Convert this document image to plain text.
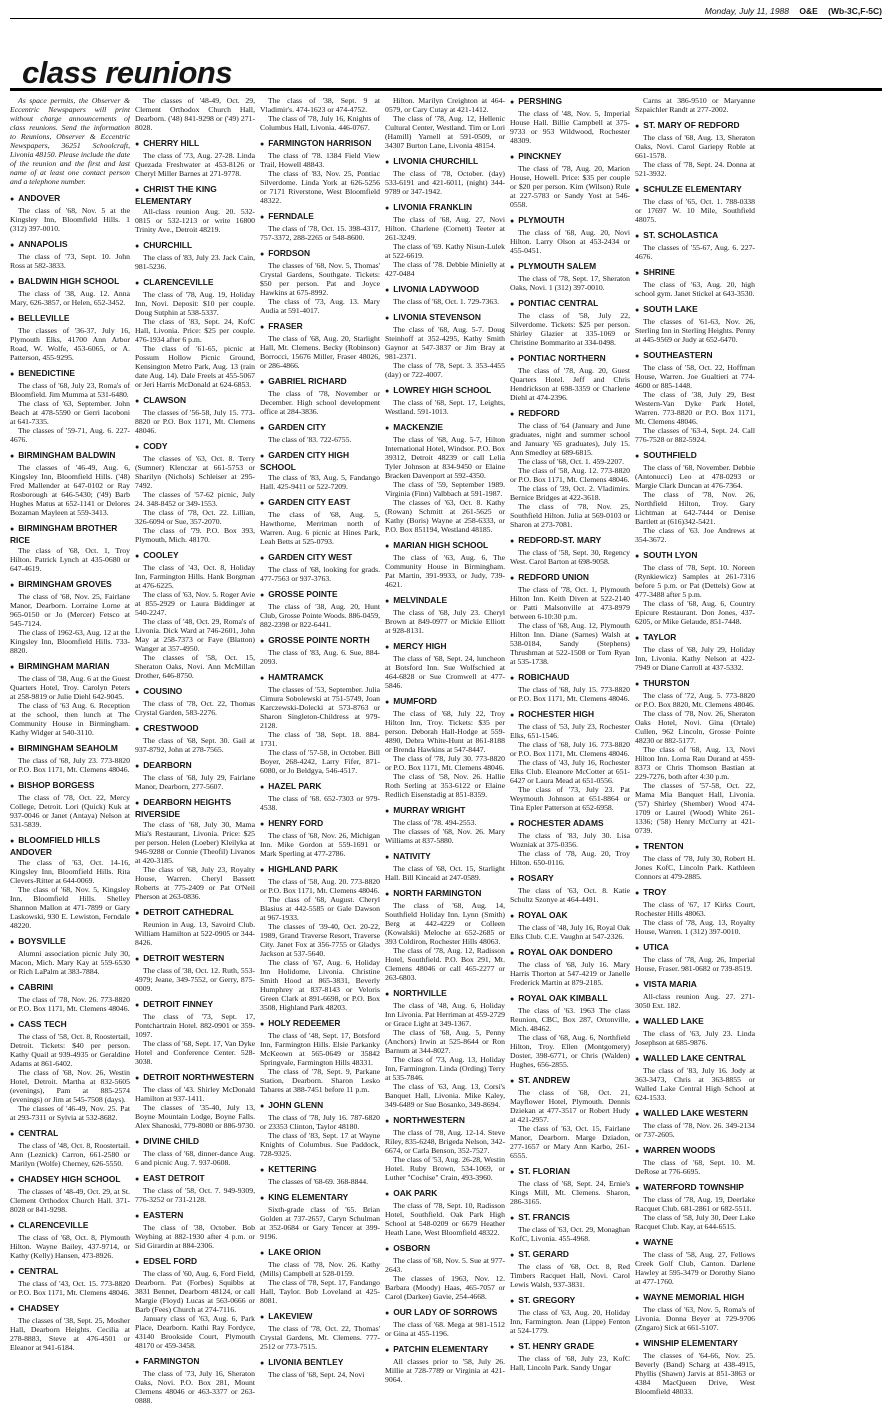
Monday, July 11, 1988 O&E (Wb-3C,F-5C)
class reunions

As space permits, the Observer & Eccentric Newspapers will print without charge announcements of class reunions. Send the information to Reunions, Observer & Eccentric Newspapers, 36251 Schoolcraft, Livonia 48150. Please include the date of the reunion and the first and last name of at least one contact person and a telephone number.

● ANDOVER

The class of '68, Nov. 5 at the Kingsley Inn, Bloomfield Hills. 1 (312) 397-0010.

● ANNAPOLIS

The class of '73, Sept. 10. John Ross at 582-3833.

● BALDWIN HIGH SCHOOL

The class of '38, Aug. 12. Anna Mary, 626-3857, or Helen, 652-3452.

● BELLEVILLE

The classes of '36-37, July 16, Plymouth Elks, 41700 Ann Arbor Road, W. Wolfe, 453-6065, or A. Patterson, 455-9295.

● BENEDICTINE

The class of '68, July 23, Roma's of Bloomfield. Jim Mumma at 531-6480.

The class of '63, September. John Beach at 478-5590 or Gerri Iacoboni at 641-7335.

The classes of '59-71, Aug. 6. 227-4676.

● BIRMINGHAM BALDWIN

The classes of '46-49, Aug. 6, Kingsley Inn, Bloomfield Hills. ('48) Fred Mallender at 647-0102 or Ray Rosborough at 646-5430; ('49) Barb Hughes Matus at 652-1141 or Delores Bozaman Mayleen at 559-3413.

● BIRMINGHAM BROTHER RICE

The class of '68, Oct. 1, Troy Hilton. Patrick Lynch at 435-0680 or 647-4619.

● BIRMINGHAM GROVES

The class of '68, Nov. 25, Fairlane Manor, Dearborn. Lorraine Lorne at 965-0150 or Jo (Mercer) Fetsco at 545-7124.

The class of 1962-63, Aug. 12 at the Kingsley Inn, Bloomfield Hills. 733-8820.

● BIRMINGHAM MARIAN

The class of '38, Aug. 6 at the Guest Quarters Hotel, Troy. Carolyn Peters at 258-9819 or Julie Diehl 642-9045.

The class of '63 Aug. 6. Reception at the school, then lunch at The Community House in Birmingham. Kathy Widger at 540-3110.

● BIRMINGHAM SEAHOLM

The class of '68, July 23. 773-8820 or P.O. Box 1171, Mt. Clemens 48046.

● BISHOP BORGESS

The class of '78, Oct. 22, Mercy College, Detroit. Lori (Quick) Kuk at 937-0046 or Janet (Antaya) Nelson at 531-5839.

● BLOOMFIELD HILLS ANDOVER

The class of '63, Oct. 14-16, Kingsley Inn, Bloomfield Hills. Rita Clevers-Ritter at 644-0069.

The class of '68, Nov. 5, Kingsley Inn, Bloomfield Hills. Shelley Shannon Mallon at 471-7899 or Gary Laskowski, 930 E. Lewiston, Ferndale 48220.

● BOYSVILLE

Alumni association picnic July 30, Macon, Mich. Mary Kay at 559-6530 or Rich LaPalm at 383-7884.

● CABRINI

The class of '78, Nov. 26. 773-8820 or P.O. Box 1171, Mt. Clemens 48046.

● CASS TECH

The class of '58, Oct. 8, Roostertail, Detroit. Tickets: $40 per person. Kathy Quail at 939-4935 or Geraldine Adams at 861-6402.

The class of '68, Nov. 26, Westin Hotel, Detroit. Martha at 832-5605 (evenings), Pam at 885-2574 (evenings) or Jim at 545-7508 (days).

The classes of '46-49, Nov. 25. Pat at 293-7311 or Sylvia at 532-8682.

● CENTRAL

The class of '48, Oct. 8, Roostertail. Ann (Leznick) Carron, 661-2580 or Marilyn (Wolfe) Cherney, 626-5550.

● CHADSEY HIGH SCHOOL

The classes of '48-49, Oct. 29, at St. Clement Orthodox Church Hall. 371-8028 or 841-9298.

● CLARENCEVILLE

The class of '68, Oct. 8, Plymouth Hilton. Wayne Bailey, 437-9714, or Kathy (Kelly) Hansen, 473-8926.

● CENTRAL

The class of '43, Oct. 15. 773-8820 or P.O. Box 1171, Mt. Clemens 48046.

● CHADSEY

The classes of '38, Sept. 25, Mosher Hall, Dearborn Heights. Cecilia at 278-8883, Steve at 476-4501 or Eleanor at 941-6184.

The classes of '48-49, Oct. 29, Clement Orthodox Church Hall, Dearborn. ('48) 841-9298 or ('49) 271-8028.

● CHERRY HILL

The class of '73, Aug. 27-28. Linda Quezada Freshwater at 453-8126 or Cheryl Miller Barnes at 271-9778.

● CHRIST THE KING ELEMENTARY

All-class reunion Aug. 20. 532-0815 or 532-1213 or write 16800 Trinity Ave., Detroit 48219.

● CHURCHILL

The class of '83, July 23. Jack Cain, 981-5236.

● CLARENCEVILLE

The class of '78, Aug. 19, Holiday Inn, Novi. Deposit: $10 per couple. Doug Sutphin at 538-5337.

The class of '83, Sept. 24, KofC Hall, Livonia. Price: $25 per couple. 476-1934 after 6 p.m.

The class of '61-65, picnic at Possum Hollow Picnic Ground, Kensington Metro Park, Aug. 13 (rain date Aug. 14). Dale Freels at 455-5067 or Jeri Harris McDonald at 624-6853.

● CLAWSON

The classes of '56-58, July 15. 773-8820 or P.O. Box 1171, Mt. Clemens 48046.

● CODY

The classes of '63, Oct. 8. Terry (Sumner) Klenczar at 661-5753 or Sharilyn (Nichols) Schleiser at 295-7492.

The classes of '57-62 picnic, July 24. 348-8452 or 349-1553.

The class of '78, Oct. 22. Lillian, 326-6094 or Sue, 357-2070.

The class of '79. P.O. Box 393, Plymouth, Mich. 48170.

● COOLEY

The class of '43, Oct. 8, Holiday Inn, Farmington Hills. Hank Borgman at 476-6225.

The class of '63, Nov. 5. Roger Avie at 855-2929 or Laura Biddinger at 540-2247.

The class of '48, Oct. 29, Roma's of Livonia. Dick Ward at 746-2601, John May at 258-7373 or Faye (Blatton) Wanger at 357-4950.

The classes of '58, Oct. 15, Sheraton Oaks, Novi. Ann McMillan Drother, 646-8750.

● COUSINO

The class of '78, Oct. 22, Thomas Crystal Garden, 583-2276.

● CRESTWOOD

The class of '68, Sept. 30. Gail at 937-8792, John at 278-7565.

● DEARBORN

The class of '68, July 29, Fairlane Manor, Dearborn, 277-5607.

● DEARBORN HEIGHTS RIVERSIDE

The class of '68, July 30, Mama Mia's Restaurant, Livonia. Price: $25 per person. Helen (Loeber) Kleilyka at 946-9288 or Connie (Theofil) Livanos at 420-3185.

The class of '68, July 23, Royalty House, Warren. Cheryl Bassett Roberts at 775-2409 or Pat O'Neil Pherson at 263-0836.

● DETROIT CATHEDRAL

Reunion in Aug. 13, Savoird Club. William Hamilton at 522-0905 or 344-8426.

● DETROIT WESTERN

The class of '38, Oct. 12. Ruth, 553-4979; Jeane, 349-7552, or Gerry, 875-0009.

● DETROIT FINNEY

The class of '73, Sept. 17, Pontchartrain Hotel. 882-0901 or 359-1097.

The class of '68, Sept. 17, Van Dyke Hotel and Conference Center. 528-3038.

● DETROIT NORTHWESTERN

The class of '43. Shirley McDonald Hamilton at 937-1411.

The classes of '35-40, July 13, Boyne Mountain Lodge, Boyne Falls. Alex Shanoski, 779-8080 or 886-9730.

● DIVINE CHILD

The class of '68, dinner-dance Aug. 6 and picnic Aug. 7. 937-0608.

● EAST DETROIT

The class of '58, Oct. 7. 949-9309, 776-3252 or 731-2128.

● EASTERN

The class of '38, October. Bob Weyhing at 882-1930 after 4 p.m. or Sid Girardin at 884-2306.

● EDSEL FORD

The class of '60, Aug. 6, Ford Field, Dearborn. Pat (Forbes) Squibbs at 3831 Bennet, Dearborn 48124, or call Margie (Floyd) Lucas at 563-0666 or Barb (Fees) Church at 274-7116.

January class of '63, Aug. 6, Park Place, Dearborn. Kathi Ray Fordyce, 43140 Brookside Court, Plymouth 48170 or 459-3458.

● FARMINGTON

The class of '73, July 16, Sheraton Oaks, Novi. P.O. Box 281, Mount Clemens 48046 or 463-3377 or 263-0888.

The class of '38, Sept. 9 at Vladimir's. 474-1623 or 474-4752.

The class of '78, July 16, Knights of Columbus Hall, Livonia. 446-0767.

● FARMINGTON HARRISON

The class of '78. 1384 Field View Trail, Howell 48843.

The class of '83, Nov. 25, Pontiac Silverdome. Linda York at 626-5256 or 7171 Riverstone, West Bloomfield 48322.

● FERNDALE

The class of '78, Oct. 15. 398-4317, 757-3372, 288-2265 or 548-8600.

● FORDSON

The classes of '68, Nov. 5, Thomas' Crystal Gardens, Southgate. Tickets: $50 per person. Pat and Joyce Hawkins at 675-8992.

The class of '73, Aug. 13. Mary Audia at 591-4017.

● FRASER

The class of '68, Aug. 20, Starlight Hall, Mt. Clemens. Becky (Robinson) Borrocci, 15676 Miller, Fraser 48026, or 286-4866.

● GABRIEL RICHARD

The class of '78, November or December. High school development office at 284-3836.

● GARDEN CITY

The class of '83. 722-6755.

● GARDEN CITY HIGH SCHOOL

The class of '83, Aug. 5, Fandango Hall. 425-9411 or 522-7209.

● GARDEN CITY EAST

The class of '68, Aug. 5, Hawthorne, Merriman north of Warren. Aug. 6 picnic at Hines Park, Leah Betts at 525-0793.

● GARDEN CITY WEST

The class of '68, looking for grads. 477-7563 or 937-3763.

● GROSSE POINTE

The class of '38, Aug. 20, Hunt Club, Grosse Pointe Woods. 886-0459, 882-2398 or 822-6441.

● GROSSE POINTE NORTH

The class of '83, Aug. 6. Sue, 884-2093.

● HAMTRAMCK

The classes of '53, September. Julia Cimura Sobolewski at 751-5749, Joan Karczewski-Dolecki at 573-8763 or Sharon Singleton-Childress at 979-2128.

The class of '38, Sept. 18. 884-1731.

The class of '57-58, in October. Bill Boyer, 268-4242, Larry Fifer, 871-6080, or Jo Beldgya, 546-4517.

● HAZEL PARK

The class of '68. 652-7303 or 979-4538.

● HENRY FORD

The class of '68, Nov. 26, Michigan Inn. Mike Gordon at 559-1691 or Mark Sperling at 477-2786.

● HIGHLAND PARK

The class of '58, Aug. 20. 773-8820 or P.O. Box 1171, Mt. Clemens 48046.

The class of '68, August. Cheryl Blasius at 442-5585 or Gale Dawson at 967-1933.

The classes of '39-40, Oct. 20-22, 1989, Grand Traverse Resort, Traverse City. Janet Fox at 356-7755 or Gladys Jackson at 537-5640.

The class of '67, Aug. 6, Holiday Inn Holidome, Livonia. Christine Smith Hood at 865-3831, Beverly Humphrey at 837-8143 or Veloris Green Clark at 891-6698, or P.O. Box 3508, Highland Park 48203.

● HOLY REDEEMER

The class of '48, Sept. 17, Botsford Inn, Farmington Hills. Elsie Parkanky McKeown at 565-0649 or 35842 Springvale, Farmington Hills 48331.

The class of '78, Sept. 9, Parkane Station, Dearborn. Sharon Lesko Tabares at 388-7451 before 11 p.m.

● JOHN GLENN

The class of '78, July 16. 787-6820 or 23353 Clinton, Taylor 48180.

The class of '83, Sept. 17 at Wayne Knights of Columbus. Sue Paddock, 728-9325.

● KETTERING

The classes of '68-69. 368-8844.

● KING ELEMENTARY

Sixth-grade class of '65. Brian Golden at 737-2657, Caryn Schulman at 352-0684 or Gary Tencer at 399-9196.

● LAKE ORION

The class of '78, Nov. 26. Kathy (Mills) Campbell at 528-0159.

The class of '78, Sept. 17, Fandango Hall, Taylor. Bob Loveland at 425-8081.

● LAKEVIEW

The class of '78, Oct. 22, Thomas' Crystal Gardens, Mt. Clemens. 777-2512 or 773-7515.

● LIVONIA BENTLEY

The class of '68, Sept. 24, Novi

Hilton. Marilyn Creighton at 464-0579, or Cary Cutay at 421-1412.

The class of '78, Aug. 12, Hellenic Cultural Center, Westland. Tim or Lori (Hamill) Yarnell at 591-0509, or 34307 Burton Lane, Livonia 48154.

● LIVONIA CHURCHILL

The class of '78, October. (day) 533-6191 and 421-6011, (night) 344-9789 or 347-1942.

● LIVONIA FRANKLIN

The class of '68, Aug. 27, Novi Hilton. Charlene (Cornett) Teeter at 261-3249.

The class of '69. Kathy Nisun-Lulek at 522-6619.

The class of '78. Debbie Minielly at 427-0484

● LIVONIA LADYWOOD

The class of '68, Oct. 1. 729-7363.

● LIVONIA STEVENSON

The class of '68, Aug. 5-7. Doug Steinhoff at 352-4295, Kathy Smith Gaynor at 547-3837 or Jim Bray at 981-2371.

The class of '78, Sept. 3. 353-4455 (day) or 722-4007.

● LOWREY HIGH SCHOOL

The class of '68, Sept. 17, Leights, Westland. 591-1013.

● MACKENZIE

The class of '68, Aug. 5-7, Hilton International Hotel, Windsor. P.O. Box 39312, Detroit 48239 or call Lelia Tyler Johnson at 834-9450 or Elaine Bracken Davenport at 592-4350.

The class of '59, September 1989. Virginia (Finn) Valbbach at 591-1987.

The classes of '63, Oct. 8. Kathy (Rowan) Schmitt at 261-5625 or Kathy (Boris) Wayne at 258-6333, or P.O. Box 851194, Westland 48185.

● MARIAN HIGH SCHOOL

The class of '63, Aug. 6, The Community House in Birmingham. Pat Martin, 391-9933, or Judy, 739-4621.

● MELVINDALE

The class of '68, July 23. Cheryl Brown at 849-0977 or Mickie Elliott at 928-8131.

● MERCY HIGH

The class of '68, Sept. 24, luncheon at Botsford Inn. Sue Wolfschied at 464-6828 or Sue Cromwell at 477-5846.

● MUMFORD

The class of '68, July 22, Troy Hilton Inn, Troy. Tickets: $35 per person. Deborah Hall-Hodge at 559-4890, Debra White-Hunt at 861-8188 or Brenda Hawkins at 547-8447.

The class of '78, July 30. 773-8820 or P.O. Box 1171, Mt. Clemens 48046.

The class of '58, Nov. 26. Hallie Roth Serling at 353-6122 or Elaine Redlich Eisenstadig at 851-8359.

● MURRAY WRIGHT

The class of '78. 494-2553.

The classes of '68, Nov. 26. Mary Williams at 837-5880.

● NATIVITY

The class of '68, Oct. 15, Starlight Hall. Bill Kincaid at 247-0589.

● NORTH FARMINGTON

The class of '68, Aug. 14, Southfield Holiday Inn. Lynn (Smith) Berg at 442-4229 or Colleen (Kowalski) Meloche at 652-2685 or 393 Coldiron, Rochester Hills 48063.

The class of '78, Aug. 12, Radisson Hotel, Southfield. P.O. Box 291, Mt. Clemens 48046 or call 465-2277 or 263-6803.

● NORTHVILLE

The class of '48, Aug. 6, Holiday Inn Livonia. Pat Herriman at 459-2729 or Grace Light at 349-1367.

The class of '68, Aug. 5, Penny (Anchors) Irwin at 525-8644 or Ron Barnum at 344-8027.

The class of '73, Aug. 13, Holiday Inn, Farmington. Linda (Ording) Terry at 535-7846.

The class of '63, Aug. 13, Corsi's Banquet Hall, Livonia. Mike Kaley, 349-6489 or Sue Bosanko, 349-8694.

● NORTHWESTERN

The class of '78, Aug. 12-14. Steve Riley, 835-6248, Brigeda Nelson, 342-6674, or Carla Benson, 352-7527.

The class of '53, Aug. 26-28, Westin Hotel. Ruby Brown, 534-1069, or Luther "Cochise" Crain, 493-3960.

● OAK PARK

The class of '78, Sept. 10, Radisson Hotel, Southfield. Oak Park High School at 548-0209 or 6679 Heather Heath Lane, West Bloomfield 48322.

● OSBORN

The class of '68, Nov. 5. Sue at 977-2643.

The classes of 1963, Nov. 12. Barbara (Moody) Haas, 465-7057 or Carol (Darkee) Gavie, 254-4668.

● OUR LADY OF SORROWS

The class of '68. Mega at 981-1512 or Gina at 455-1196.

● PATCHIN ELEMENTARY

All classes prior to '58, July 26. Millie at 728-7789 or Virginia at 421-9064.

● PERSHING

The class of '48, Nov. 5, Imperial House Hall. Billie Campbell at 375-9733 or 953 Wildwood, Rochester 48309.

● PINCKNEY

The class of '78, Aug. 20, Marion House, Howell. Price: $35 per couple or $20 per person. Kim (Wilson) Rule at 227-5783 or Sandy Yost at 546-0558.

● PLYMOUTH

The class of '68, Aug. 20, Novi Hilton. Larry Olson at 453-2434 or 455-0451.

● PLYMOUTH SALEM

The class of '78, Sept. 17, Sheraton Oaks, Novi. 1 (312) 397-0010.

● PONTIAC CENTRAL

The class of '58, July 22, Silverdome. Tickets: $25 per person. Shirley Glazier at 335-1069 or Christine Bommarito at 334-0498.

● PONTIAC NORTHERN

The class of '78, Aug. 20, Guest Quarters Hotel. Jeff and Chris Hendrickson at 698-3359 or Charlene Diehl at 474-2396.

● REDFORD

The class of '64 (January and June graduates, night and summer school and January '65 graduates), July 15. Ann Smedley at 689-6815.

The class of '68, Oct. 1. 459-2207.

The class of '58, Aug. 12. 773-8820 or P.O. Box 1171, Mt. Clemens 48046.

The class of '39, Oct. 2. Vladimirs. Bernice Bridges at 422-3618.

The class of '78, Nov. 25, Southfield Hilton. Julia at 569-0103 or Sharon at 273-7081.

● REDFORD-ST. MARY

The class of '58, Sept. 30, Regency West. Carol Barton at 698-9058.

● REDFORD UNION

The class of '78, Oct. 1, Plymouth Hilton Inn. Keith Diven at 522-2140 or Patti Malsonville at 473-8979 between 6-10:30 p.m.

The class of '68, Aug. 12, Plymouth Hilton Inn. Diane (Sarnes) Walsh at 538-0184, Sandy (Stephens) Thrushman at 522-1508 or Tom Ryan at 535-1738.

● ROBICHAUD

The class of '68, July 15. 773-8820 or P.O. Box 1171, Mt. Clemens 48046.

● ROCHESTER HIGH

The class of '53, July 23, Rochester Elks, 651-1546.

The class of '68, July 16. 773-8820 or P.O. Box 1171, Mt. Clemens 48046.

The class of '43, July 16, Rochester Elks Club. Eleanore McCotter at 651-6427 or Laura Mead at 651-0556.

The class of '73, July 23. Pat Weymouth Johnson at 651-8864 or Tina Epler Patterson at 652-6958.

● ROCHESTER ADAMS

The class of '83, July 30. Lisa Wozniak at 375-0356.

The class of '78, Aug. 20, Troy Hilton. 650-0116.

● ROSARY

The class of '63, Oct. 8. Katie Schultz Szonye at 464-4491.

● ROYAL OAK

The class of '48, July 16, Royal Oak Elks Club. C.E. Vaughn at 547-2326.

● ROYAL OAK DONDERO

The class of '68, July 16. Mary Harris Thorton at 547-4219 or Janelle Frederick Martin at 879-2185.

● ROYAL OAK KIMBALL

The class of '63. 1963 The class Reunion, CBC, Box 287, Ortonville, Mich. 48462.

The class of '68, Aug. 6, Northfield Hilton, Troy. Ellen (Montgomery) Doster, 398-6771, or Chris (Walden) Hughes, 656-2855.

● ST. ANDREW

The class of '68, Oct. 21, Mayflower Hotel, Plymouth. Dennis Dziekan at 477-3517 or Robert Hudy at 421-2957.

The class of '63, Oct. 15, Fairlane Manor, Dearborn. Marge Dziadon, 277-1657 or Mary Ann Karbo, 261-6555.

● ST. FLORIAN

The class of '68, Sept. 24, Ernie's Kings Mill, Mt. Clemens. Sharon, 286-3165.

● ST. FRANCIS

The class of '63, Oct. 29, Monaghan KofC, Livonia. 455-4968.

● ST. GERARD

The class of '68, Oct. 8, Red Timbers Racquet Hall, Novi. Carol Lewis Walsh, 937-3831.

● ST. GREGORY

The class of '63, Aug. 20, Holiday Inn, Farmington. Jean (Lippe) Fenton at 524-1779.

● ST. HENRY GRADE

The class of '68, July 23, KofC Hall, Lincoln Park. Sandy Ungar

Carns at 386-9510 or Maryanne Szpaichler Randt at 277-2002.

● ST. MARY OF REDFORD

The class of '68, Aug. 13, Sheraton Oaks, Novi. Carol Gariepy Roble at 661-1578.

The class of '78, Sept. 24. Donna at 521-3932.

● SCHULZE ELEMENTARY

The class of '65, Oct. 1. 788-0338 or 17697 W. 10 Mile, Southfield 48075.

● ST. SCHOLASTICA

The classes of '55-67, Aug. 6. 227-4676.

● SHRINE

The class of '63, Aug. 20, high school gym. Janet Stickel at 643-3530.

● SOUTH LAKE

The classes of '61-63, Nov. 26, Sterling Inn in Sterling Heights. Penny at 445-9569 or Judy at 652-6470.

● SOUTHEASTERN

The class of '58, Oct. 22, Hoffman House, Warren. Joe Gualtieri at 774-4600 or 885-1448.

The class of '38, July 29, Best Western-Van Dyke Park Hotel, Warren. 773-8820 or P.O. Box 1171, Mt. Clemens 48046.

The classes of '63-4, Sept. 24. Call 776-7528 or 882-5924.

● SOUTHFIELD

The class of '68, November. Debbie (Antonucci) Leo at 478-0293 or Margie Clark Duncan at 476-7364.

The class of '78, Nov. 26, Northfield Hilton, Troy. Gary Lichtman at 642-7444 or Denise Bartlett at (616)342-5421.

The class of '63. Joe Andrews at 354-3672.

● SOUTH LYON

The class of '78, Sept. 10. Noreen (Rynkiewicz) Samples at 261-7316 before 5 p.m. or Pat (Dettels) Gow at 477-3488 after 5 p.m.

The class of '68, Aug. 6, Country Epicure Restaurant. Don Jones, 437-6205, or Mike Gelaude, 851-7448.

● TAYLOR

The class of '68, July 29, Holiday Inn, Livonia. Kathy Nelson at 422-7949 or Diane Carroll at 437-5332.

● THURSTON

The class of '72, Aug. 5. 773-8820 or P.O. Box 8820, Mt. Clemens 48046.

The class of '78, Nov. 26, Sheraton Oaks Hotel, Novi. Gina (Ortale) Cullen, 962 Lincoln, Grosse Pointe 48230 or 882-5177.

The class of '68, Aug. 13, Novi Hilton Inn. Lorna Rau Durand at 459-8373 or Chris Thomson Bastian at 229-7276, both after 4:30 p.m.

The classes of '57-58, Oct. 22, Mama Mia Banquet Hall, Livonia. ('57) Shirley (Shember) Wood 474-1709 or Laurel (Wood) White 261-1336; ('58) Henry McCurry at 421-0739.

● TRENTON

The class of '78, July 30, Robert H. Jones KofC, Lincoln Park. Kathleen Connors at 479-2885.

● TROY

The class of '67, 17 Kirks Court, Rochester Hills 48063.

The class of '78, Aug. 13, Royalty House, Warren. 1 (312) 397-0010.

● UTICA

The class of '78, Aug. 26, Imperial House, Fraser. 981-0682 or 739-8519.

● VISTA MARIA

All-class reunion Aug. 27. 271-3050 Ext. 182.

● WALLED LAKE

The class of '63, July 23. Linda Josephson at 685-9876.

● WALLED LAKE CENTRAL

The class of '83, July 16. Jody at 363-3473, Chris at 363-8855 or Walled Lake Central High School at 624-1533.

● WALLED LAKE WESTERN

The class of '78, Nov. 26. 349-2134 or 737-2605.

● WARREN WOODS

The class of '68, Sept. 10. M. DeRose at 776-6695.

● WATERFORD TOWNSHIP

The class of '78, Aug. 19, Deerlake Racquet Club. 681-2861 or 682-5511.

The class of '58, July 30, Deer Lake Racquet Club. Kay, at 644-6515.

● WAYNE

The class of '58, Aug. 27, Fellows Creek Golf Club, Canton. Darlene Hawley at 595-3479 or Dorothy Siano at 477-1760.

● WAYNE MEMORIAL HIGH

The class of '63, Nov. 5, Roma's of Livonia. Donna Beyer at 729-9706 (Zngaro) Sick at 661-5107.

● WINSHIP ELEMENTARY

The classes of '64-66, Nov. 25. Beverly (Band) Scharg at 438-4915, Phyllis (Shawn) Jarvis at 851-3863 or 4384 MacQueen Drive, West Bloomfield 48033.
